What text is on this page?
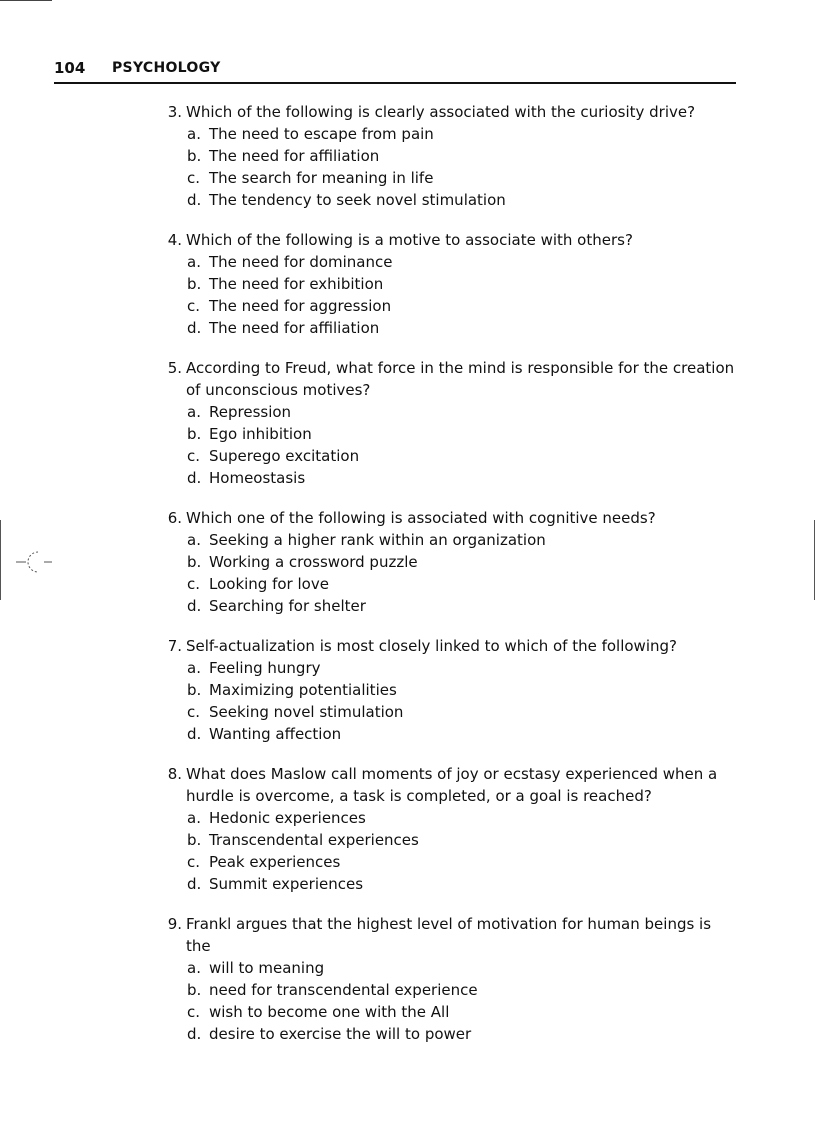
104 PSYCHOLOGY
3. Which of the following is clearly associated with the curiosity drive?
a. The need to escape from pain
b. The need for affiliation
c. The search for meaning in life
d. The tendency to seek novel stimulation
4. Which of the following is a motive to associate with others?
a. The need for dominance
b. The need for exhibition
c. The need for aggression
d. The need for affiliation
5. According to Freud, what force in the mind is responsible for the creation of unconscious motives?
a. Repression
b. Ego inhibition
c. Superego excitation
d. Homeostasis
6. Which one of the following is associated with cognitive needs?
a. Seeking a higher rank within an organization
b. Working a crossword puzzle
c. Looking for love
d. Searching for shelter
7. Self-actualization is most closely linked to which of the following?
a. Feeling hungry
b. Maximizing potentialities
c. Seeking novel stimulation
d. Wanting affection
8. What does Maslow call moments of joy or ecstasy experienced when a hurdle is overcome, a task is completed, or a goal is reached?
a. Hedonic experiences
b. Transcendental experiences
c. Peak experiences
d. Summit experiences
9. Frankl argues that the highest level of motivation for human beings is the
a. will to meaning
b. need for transcendental experience
c. wish to become one with the All
d. desire to exercise the will to power
